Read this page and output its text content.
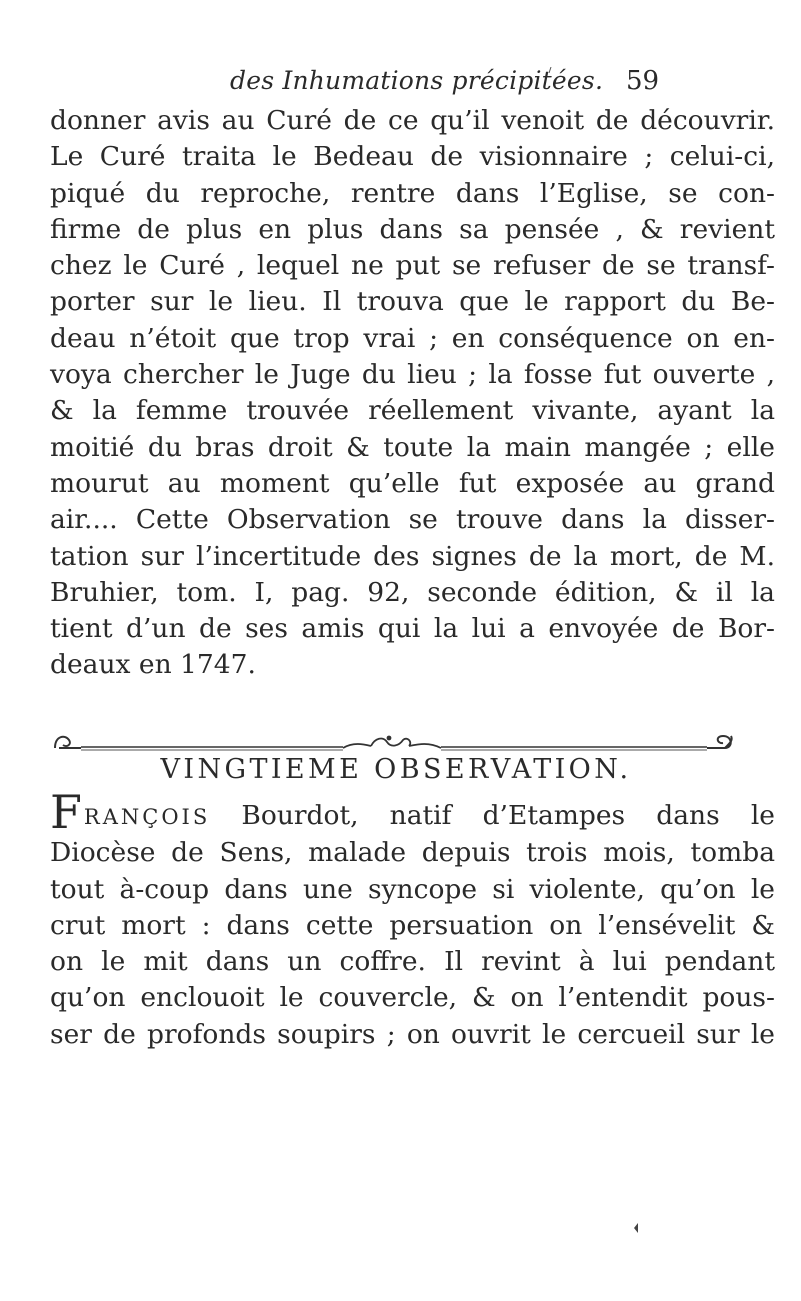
des Inhumations précipitées. 59
donner avis au Curé de ce qu’il venoit de découvrir.
Le Curé traita le Bedeau de visionnaire ; celui-ci,
piqué du reproche, rentre dans l’Eglise, se con-
firme de plus en plus dans sa pensée , & revient
chez le Curé , lequel ne put se refuser de se transf-
porter sur le lieu. Il trouva que le rapport du Be-
deau n’étoit que trop vrai ; en conséquence on en-
voya chercher le Juge du lieu ; la fosse fut ouverte ,
& la femme trouvée réellement vivante, ayant la
moitié du bras droit & toute la main mangée ; elle
mourut au moment qu’elle fut exposée au grand
air.... Cette Observation se trouve dans la disser-
tation sur l’incertitude des signes de la mort, de M.
Bruhier, tom. I, pag. 92, seconde édition, & il la
tient d’un de ses amis qui la lui a envoyée de Bor-
deaux en 1747.
VINGTIEME OBSERVATION.
FRANÇOIS Bourdot, natif d’Etampes dans le
Diocèse de Sens, malade depuis trois mois, tomba
tout à-coup dans une syncope si violente, qu’on le
crut mort : dans cette persuation on l’ensévelit &
on le mit dans un coffre. Il revint à lui pendant
qu’on enclouoit le couvercle, & on l’entendit pous-
ser de profonds soupirs ; on ouvrit le cercueil sur le
